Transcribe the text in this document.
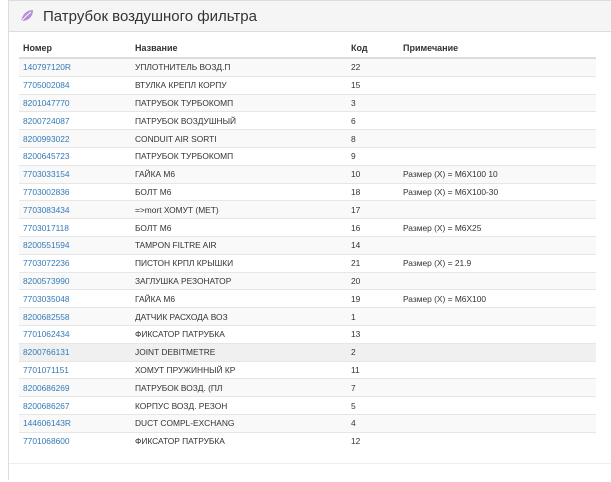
Патрубок воздушного фильтра
Номер	Название	Код	Примечание
140797120R	УПЛОТНИТЕЛЬ ВОЗД.П	22	
7705002084	ВТУЛКА КРЕПЛ КОРПУ	15	
8201047770	ПАТРУБОК ТУРБОКОМП	3	
8200724087	ПАТРУБОК ВОЗДУШНЫЙ	6	
8200993022	CONDUIT AIR SORTI	8	
8200645723	ПАТРУБОК ТУРБОКОМП	9	
7703033154	ГАЙКА М6	10	Размер (X) = M6X100 10
7703002836	БОЛТ М6	18	Размер (X) = M6X100-30
7703083434	=>mort ХОМУТ (МЕТ)	17	
7703017118	БОЛТ М6	16	Размер (X) = M6X25
8200551594	TAMPON FILTRE AIR	14	
7703072236	ПИСТОН КРПЛ КРЫШКИ	21	Размер (X) = 21.9
8200573990	ЗАГЛУШКА РЕЗОНАТОР	20	
7703035048	ГАЙКА М6	19	Размер (X) = M6X100
8200682558	ДАТЧИК РАСХОДА ВОЗ	1	
7701062434	ФИКСАТОР ПАТРУБКА	13	
8200766131	JOINT DEBITMETRE	2	
7701071151	ХОМУТ ПРУЖИННЫЙ КР	11	
8200686269	ПАТРУБОК ВОЗД. (ПЛ	7	
8200686267	КОРПУС ВОЗД. РЕЗОН	5	
144606143R	DUCT COMPL-EXCHANG	4	
7701068600	ФИКСАТОР ПАТРУБКА	12	
